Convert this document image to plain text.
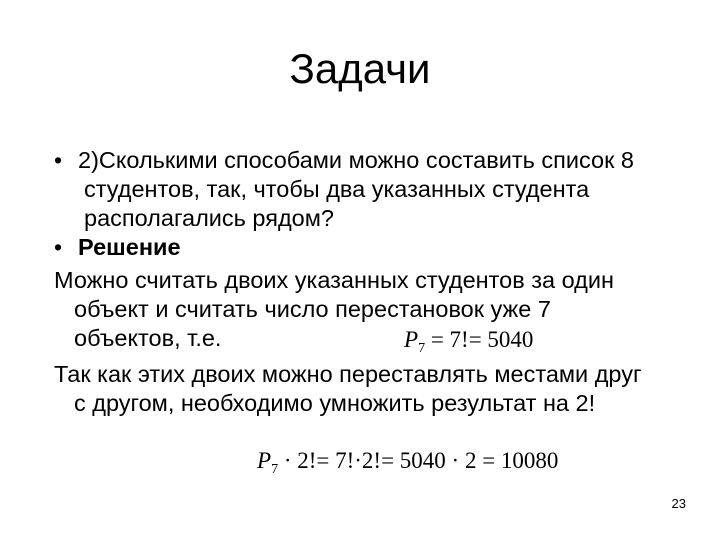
Задачи
• 2)Сколькими способами можно составить список 8
студентов, так, чтобы два указанных студента
располагались рядом?
• Решение
Можно считать двоих указанных студентов за один
объект и считать число перестановок уже 7
объектов, т.е.	$P_7 = 7!= 5040$
Так как этих двоих можно переставлять местами друг
с другом, необходимо умножить результат на 2!
$P_7 \cdot 2!= 7!\cdot 2!= 5040 \cdot 2 = 10080$
23
